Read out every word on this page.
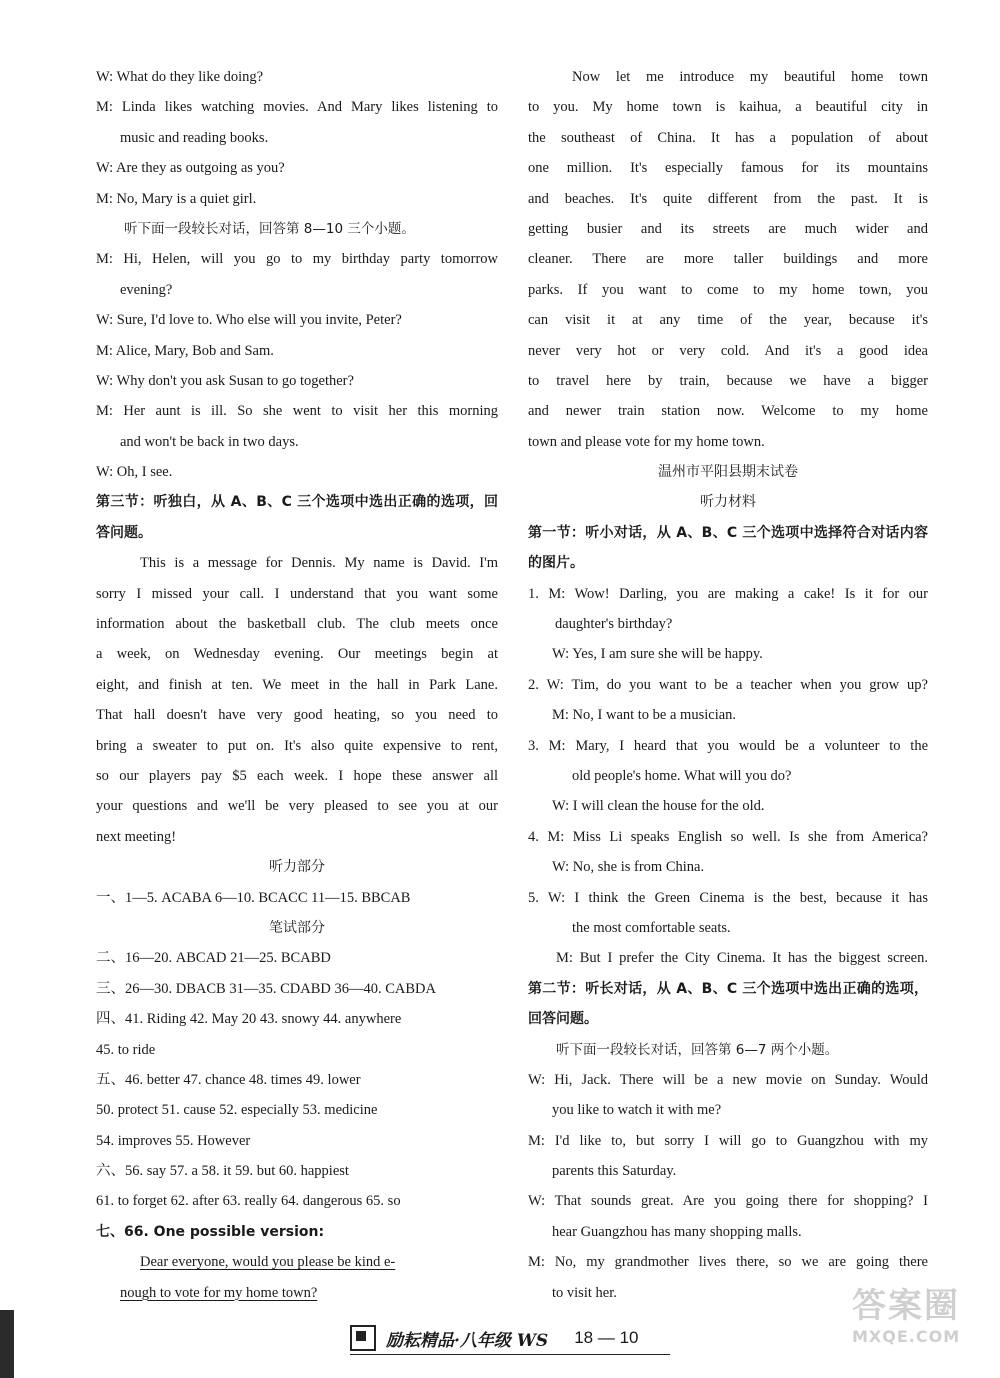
W: What do they like doing?
M: Linda likes watching movies. And Mary likes listening to
music and reading books.
W: Are they as outgoing as you?
M: No, Mary is a quiet girl.
听下面一段较长对话，回答第 8—10 三个小题。
M: Hi, Helen, will you go to my birthday party tomorrow
evening?
W: Sure, I'd love to. Who else will you invite, Peter?
M: Alice, Mary, Bob and Sam.
W: Why don't you ask Susan to go together?
M: Her aunt is ill. So she went to visit her this morning
and won't be back in two days.
W: Oh, I see.
第三节：听独白，从 A、B、C 三个选项中选出正确的选项，回
答问题。
This is a message for Dennis. My name is David. I'm
sorry I missed your call. I understand that you want some
information about the basketball club. The club meets once
a week, on Wednesday evening. Our meetings begin at
eight, and finish at ten. We meet in the hall in Park Lane.
That hall doesn't have very good heating, so you need to
bring a sweater to put on. It's also quite expensive to rent,
so our players pay $5 each week. I hope these answer all
your questions and we'll be very pleased to see you at our
next meeting!
听力部分
一、1—5. ACABA 6—10. BCACC 11—15. BBCAB
笔试部分
二、16—20. ABCAD 21—25. BCABD
三、26—30. DBACB 31—35. CDABD 36—40. CABDA
四、41. Riding 42. May 20 43. snowy 44. anywhere
45. to ride
五、46. better 47. chance 48. times 49. lower
50. protect 51. cause 52. especially 53. medicine
54. improves 55. However
六、56. say 57. a 58. it 59. but 60. happiest
61. to forget 62. after 63. really 64. dangerous 65. so
七、66. One possible version:
Dear everyone, would you please be kind e-
nough to vote for my home town?
Now let me introduce my beautiful home town
to you. My home town is kaihua, a beautiful city in
the southeast of China. It has a population of about
one million. It's especially famous for its mountains
and beaches. It's quite different from the past. It is
getting busier and its streets are much wider and
cleaner. There are more taller buildings and more
parks. If you want to come to my home town, you
can visit it at any time of the year, because it's
never very hot or very cold. And it's a good idea
to travel here by train, because we have a bigger
and newer train station now. Welcome to my home
town and please vote for my home town.
温州市平阳县期末试卷
听力材料
第一节：听小对话，从 A、B、C 三个选项中选择符合对话内容
的图片。
1. M: Wow! Darling, you are making a cake! Is it for our
daughter's birthday?
W: Yes, I am sure she will be happy.
2. W: Tim, do you want to be a teacher when you grow up?
M: No, I want to be a musician.
3. M: Mary, I heard that you would be a volunteer to the
old people's home. What will you do?
W: I will clean the house for the old.
4. M: Miss Li speaks English so well. Is she from America?
W: No, she is from China.
5. W: I think the Green Cinema is the best, because it has
the most comfortable seats.
M: But I prefer the City Cinema. It has the biggest screen.
第二节：听长对话，从 A、B、C 三个选项中选出正确的选项，
回答问题。
听下面一段较长对话，回答第 6—7 两个小题。
W: Hi, Jack. There will be a new movie on Sunday. Would
you like to watch it with me?
M: I'd like to, but sorry I will go to Guangzhou with my
parents this Saturday.
W: That sounds great. Are you going there for shopping? I
hear Guangzhou has many shopping malls.
M: No, my grandmother lives there, so we are going there
to visit her.
励耘精品·八年级 WS 18 — 10
答案圈
MXQE.COM
